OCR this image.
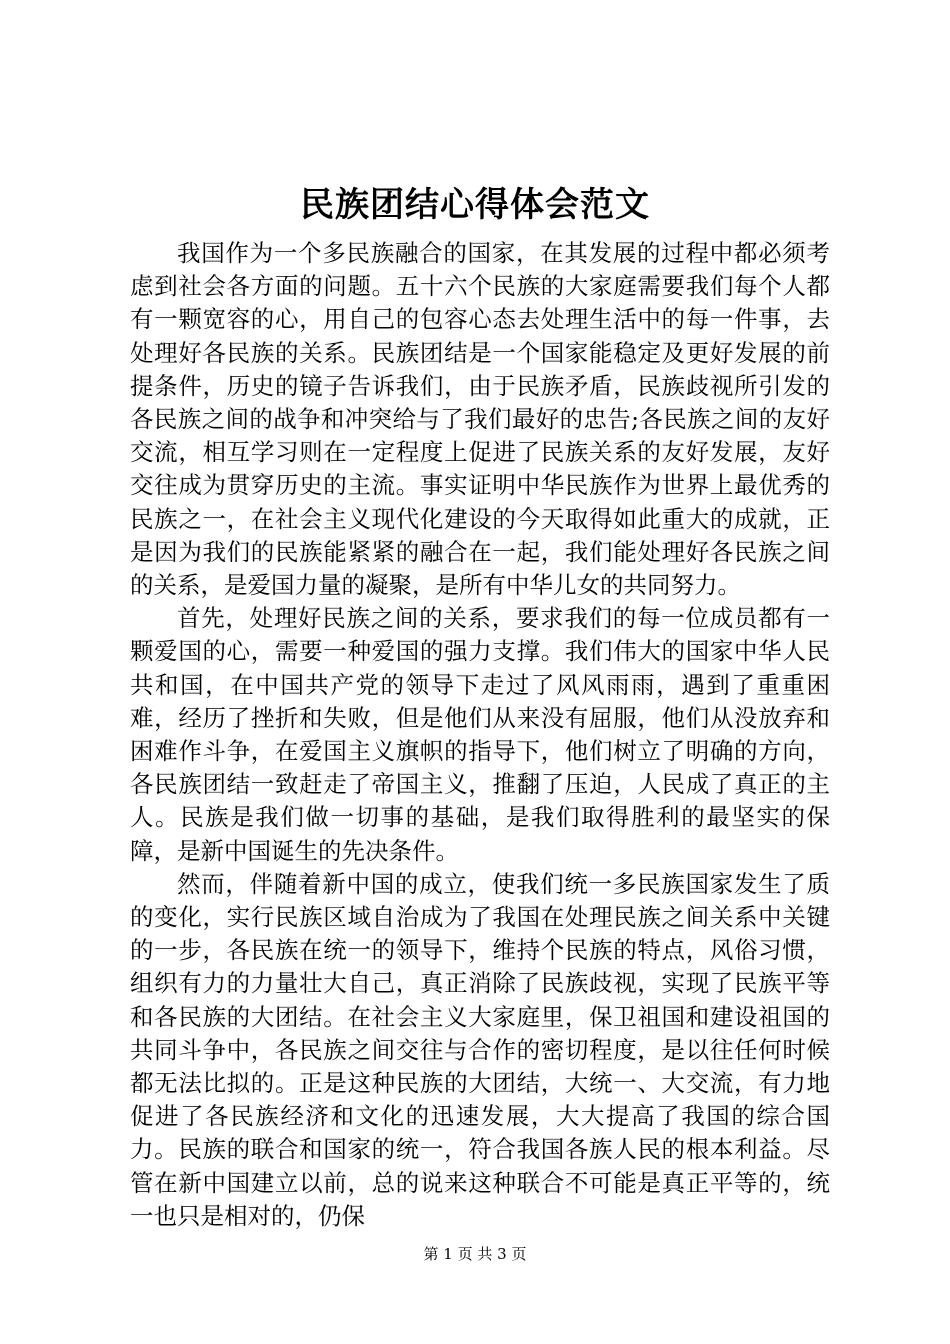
民族团结心得体会范文

我国作为一个多民族融合的国家，在其发展的过程中都必须考虑到社会各方面的问题。五十六个民族的大家庭需要我们每个人都有一颗宽容的心，用自己的包容心态去处理生活中的每一件事，去处理好各民族的关系。民族团结是一个国家能稳定及更好发展的前提条件，历史的镜子告诉我们，由于民族矛盾，民族歧视所引发的各民族之间的战争和冲突给与了我们最好的忠告;各民族之间的友好交流，相互学习则在一定程度上促进了民族关系的友好发展，友好交往成为贯穿历史的主流。事实证明中华民族作为世界上最优秀的民族之一，在社会主义现代化建设的今天取得如此重大的成就，正是因为我们的民族能紧紧的融合在一起，我们能处理好各民族之间的关系，是爱国力量的凝聚，是所有中华儿女的共同努力。

首先，处理好民族之间的关系，要求我们的每一位成员都有一颗爱国的心，需要一种爱国的强力支撑。我们伟大的国家中华人民共和国，在中国共产党的领导下走过了风风雨雨，遇到了重重困难，经历了挫折和失败，但是他们从来没有屈服，他们从没放弃和困难作斗争，在爱国主义旗帜的指导下，他们树立了明确的方向，各民族团结一致赶走了帝国主义，推翻了压迫，人民成了真正的主人。民族是我们做一切事的基础，是我们取得胜利的最坚实的保障，是新中国诞生的先决条件。

然而，伴随着新中国的成立，使我们统一多民族国家发生了质的变化，实行民族区域自治成为了我国在处理民族之间关系中关键的一步，各民族在统一的领导下，维持个民族的特点，风俗习惯，组织有力的力量壮大自己，真正消除了民族歧视，实现了民族平等和各民族的大团结。在社会主义大家庭里，保卫祖国和建设祖国的共同斗争中，各民族之间交往与合作的密切程度，是以往任何时候都无法比拟的。正是这种民族的大团结，大统一、大交流，有力地促进了各民族经济和文化的迅速发展，大大提高了我国的综合国力。民族的联合和国家的统一，符合我国各族人民的根本利益。尽管在新中国建立以前，总的说来这种联合不可能是真正平等的，统一也只是相对的，仍保

第 1 页 共 3 页
